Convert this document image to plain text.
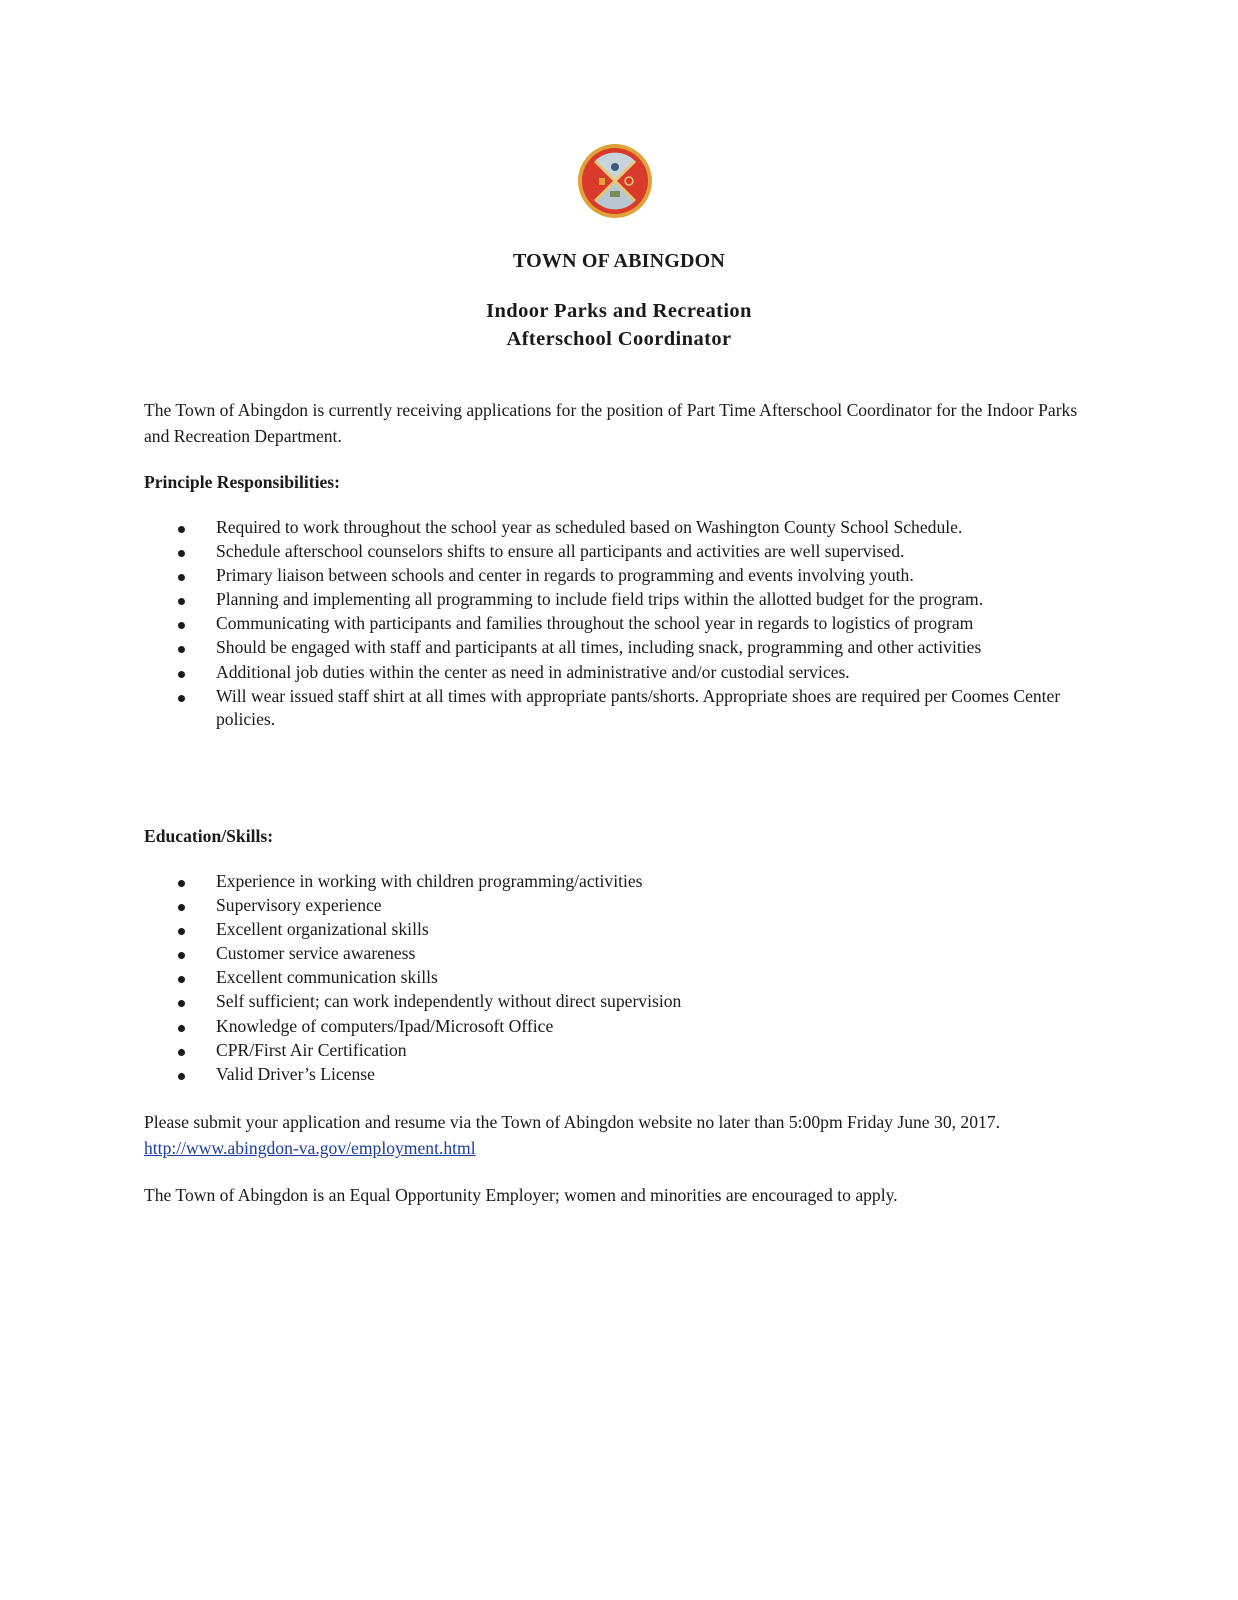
TOWN OF ABINGDON
Indoor Parks and Recreation
Afterschool Coordinator
The Town of Abingdon is currently receiving applications for the position of Part Time Afterschool Coordinator for the Indoor Parks and Recreation Department.
Principle Responsibilities:
Required to work throughout the school year as scheduled based on Washington County School Schedule.
Schedule afterschool counselors shifts to ensure all participants and activities are well supervised.
Primary liaison between schools and center in regards to programming and events involving youth.
Planning and implementing all programming to include field trips within the allotted budget for the program.
Communicating with participants and families throughout the school year in regards to logistics of program
Should be engaged with staff and participants at all times, including snack, programming and other activities
Additional job duties within the center as need in administrative and/or custodial services.
Will wear issued staff shirt at all times with appropriate pants/shorts. Appropriate shoes are required per Coomes Center policies.
Education/Skills:
Experience in working with children programming/activities
Supervisory experience
Excellent organizational skills
Customer service awareness
Excellent communication skills
Self sufficient; can work independently without direct supervision
Knowledge of computers/Ipad/Microsoft Office
CPR/First Air Certification
Valid Driver’s License
Please submit your application and resume via the Town of Abingdon website no later than 5:00pm Friday June 30, 2017.   http://www.abingdon-va.gov/employment.html
The Town of Abingdon is an Equal Opportunity Employer; women and minorities are encouraged to apply.
